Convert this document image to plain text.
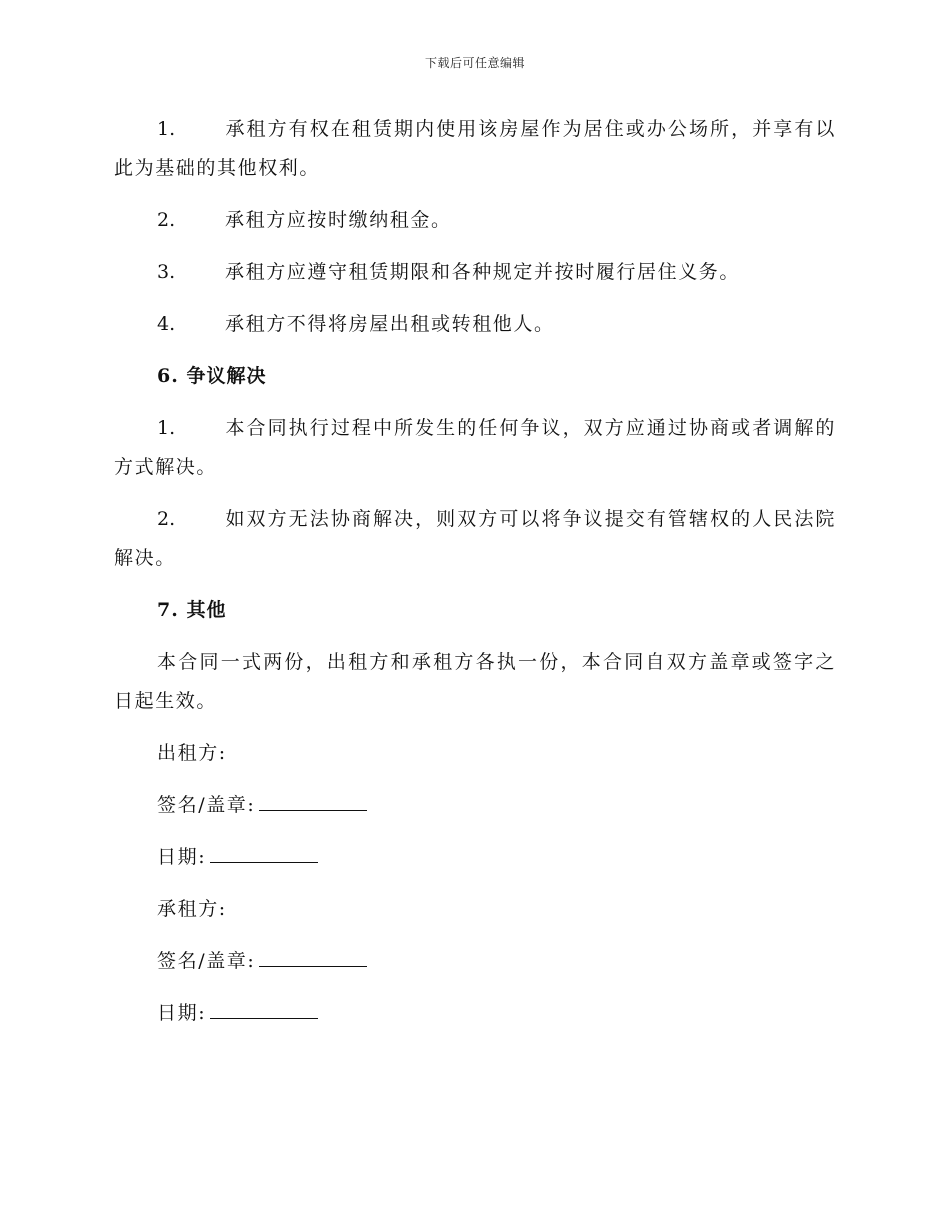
下载后可任意编辑

1.	承租方有权在租赁期内使用该房屋作为居住或办公场所，并享有以此为基础的其他权利。

2.	承租方应按时缴纳租金。

3.	承租方应遵守租赁期限和各种规定并按时履行居住义务。

4.	承租方不得将房屋出租或转租他人。

6. 争议解决

1.	本合同执行过程中所发生的任何争议，双方应通过协商或者调解的方式解决。

2.	如双方无法协商解决，则双方可以将争议提交有管辖权的人民法院解决。

7. 其他

本合同一式两份，出租方和承租方各执一份，本合同自双方盖章或签字之日起生效。

出租方:

签名/盖章:

日期:

承租方:

签名/盖章:

日期:
